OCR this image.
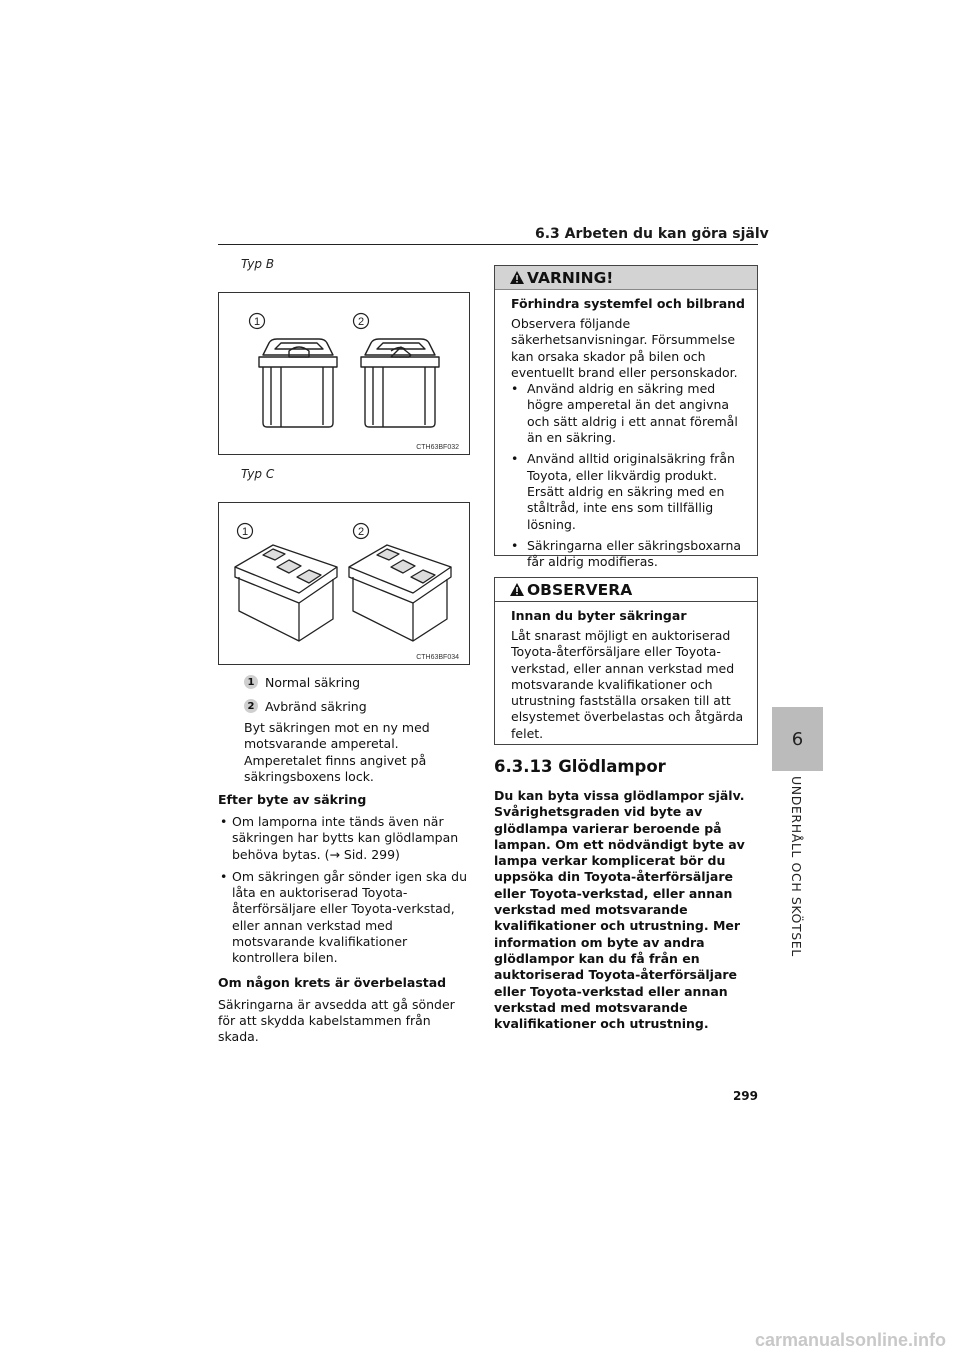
6.3 Arbeten du kan göra själv
Typ B
1	2
CTH63BF032
Typ C
1	2
CTH63BF034
1 Normal säkring
2 Avbränd säkring
Byt säkringen mot en ny med motsvarande amperetal. Amperetalet finns angivet på säkringsboxens lock.
Efter byte av säkring
• Om lamporna inte tänds även när säkringen har bytts kan glödlampan behöva bytas. (→ Sid. 299)
• Om säkringen går sönder igen ska du låta en auktoriserad Toyota-återförsäljare eller Toyota-verkstad, eller annan verkstad med motsvarande kvalifikationer kontrollera bilen.
Om någon krets är överbelastad
Säkringarna är avsedda att gå sönder för att skydda kabelstammen från skada.
VARNING!
Förhindra systemfel och bilbrand
Observera följande säkerhetsanvisningar. Försummelse kan orsaka skador på bilen och eventuellt brand eller personskador.
• Använd aldrig en säkring med högre amperetal än det angivna och sätt aldrig i ett annat föremål än en säkring.
• Använd alltid originalsäkring från Toyota, eller likvärdig produkt. Ersätt aldrig en säkring med en ståltråd, inte ens som tillfällig lösning.
• Säkringarna eller säkringsboxarna får aldrig modifieras.
OBSERVERA
Innan du byter säkringar
Låt snarast möjligt en auktoriserad Toyota-återförsäljare eller Toyota-verkstad, eller annan verkstad med motsvarande kvalifikationer och utrustning fastställa orsaken till att elsystemet överbelastas och åtgärda felet.
6.3.13 Glödlampor
Du kan byta vissa glödlampor själv. Svårighetsgraden vid byte av glödlampa varierar beroende på lampan. Om ett nödvändigt byte av lampa verkar komplicerat bör du uppsöka din Toyota-återförsäljare eller Toyota-verkstad, eller annan verkstad med motsvarande kvalifikationer och utrustning. Mer information om byte av andra glödlampor kan du få från en auktoriserad Toyota-återförsäljare eller Toyota-verkstad eller annan verkstad med motsvarande kvalifikationer och utrustning.
6
UNDERHÅLL OCH SKÖTSEL
299
carmanualsonline.info
